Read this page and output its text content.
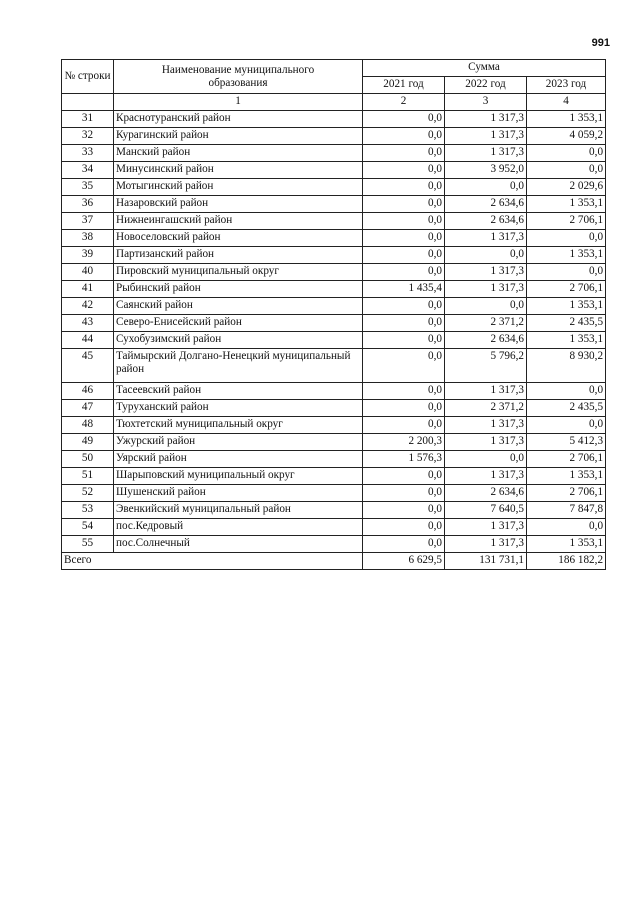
991
№ строки	Наименование муниципального образования	Сумма		
		2021 год	2022 год	2023 год
	1	2	3	4
31	Краснотуранский район	0,0	1 317,3	1 353,1
32	Курагинский район	0,0	1 317,3	4 059,2
33	Манский район	0,0	1 317,3	0,0
34	Минусинский район	0,0	3 952,0	0,0
35	Мотыгинский район	0,0	0,0	2 029,6
36	Назаровский район	0,0	2 634,6	1 353,1
37	Нижнеингашский район	0,0	2 634,6	2 706,1
38	Новоселовский район	0,0	1 317,3	0,0
39	Партизанский район	0,0	0,0	1 353,1
40	Пировский муниципальный округ	0,0	1 317,3	0,0
41	Рыбинский район	1 435,4	1 317,3	2 706,1
42	Саянский район	0,0	0,0	1 353,1
43	Северо-Енисейский район	0,0	2 371,2	2 435,5
44	Сухобузимский район	0,0	2 634,6	1 353,1
45	Таймырский Долгано-Ненецкий муниципальный район	0,0	5 796,2	8 930,2
46	Тасеевский район	0,0	1 317,3	0,0
47	Туруханский район	0,0	2 371,2	2 435,5
48	Тюхтетский муниципальный округ	0,0	1 317,3	0,0
49	Ужурский район	2 200,3	1 317,3	5 412,3
50	Уярский район	1 576,3	0,0	2 706,1
51	Шарыповский муниципальный округ	0,0	1 317,3	1 353,1
52	Шушенский район	0,0	2 634,6	2 706,1
53	Эвенкийский муниципальный район	0,0	7 640,5	7 847,8
54	пос.Кедровый	0,0	1 317,3	0,0
55	пос.Солнечный	0,0	1 317,3	1 353,1
Всего		6 629,5	131 731,1	186 182,2
